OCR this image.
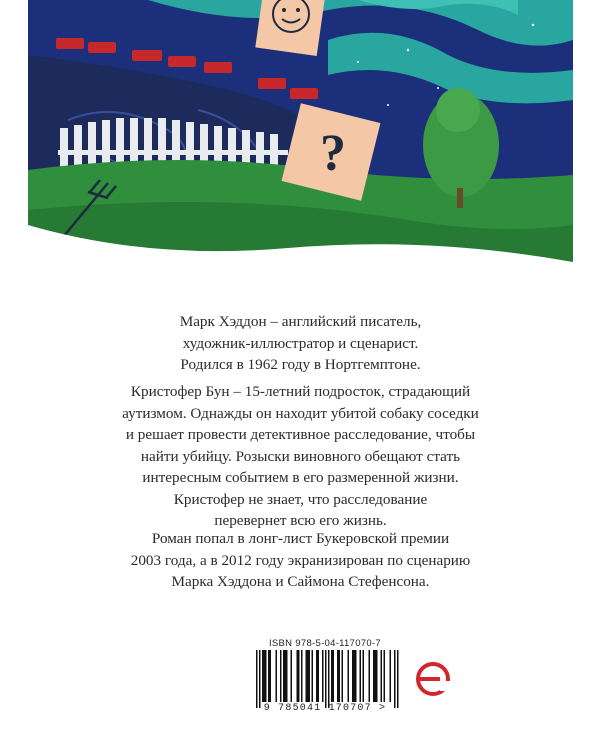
?

Марк Хэддон – английский писатель,

художник-иллюстратор и сценарист.

Родился в 1962 году в Нортгемптоне.

Кристофер Бун – 15-летний подросток, страдающий

аутизмом. Однажды он находит убитой собаку соседки

и решает провести детективное расследование, чтобы

найти убийцу. Розыски виновного обещают стать

интересным событием в его размеренной жизни.

Кристофер не знает, что расследование

перевернет всю его жизнь.

Роман попал в лонг-лист Букеровской премии

2003 года, а в 2012 году экранизирован по сценарию

Марка Хэддона и Саймона Стефенсона.

ISBN 978-5-04-117070-7
9 785041 170707 >
